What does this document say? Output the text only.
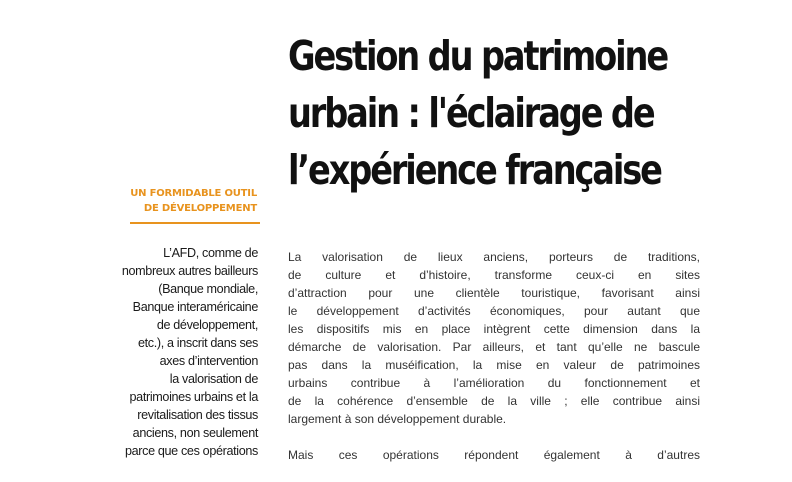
Gestion du patrimoine
urbain : l'éclairage de
l’expérience française
UN FORMIDABLE OUTIL
DE DÉVELOPPEMENT
L’AFD, comme de
nombreux autres bailleurs
(Banque mondiale,
Banque interaméricaine
de développement,
etc.), a inscrit dans ses
axes d’intervention
la valorisation de
patrimoines urbains et la
revitalisation des tissus
anciens, non seulement
parce que ces opérations

La valorisation de lieux anciens, porteurs de traditions,
de culture et d’histoire, transforme ceux-ci en sites
d’attraction pour une clientèle touristique, favorisant ainsi
le développement d’activités économiques, pour autant que
les dispositifs mis en place intègrent cette dimension dans la
démarche de valorisation. Par ailleurs, et tant qu’elle ne bascule
pas dans la muséification, la mise en valeur de patrimoines
urbains contribue à l’amélioration du fonctionnement et
de la cohérence d’ensemble de la ville ; elle contribue ainsi
largement à son développement durable.

Mais ces opérations répondent également à d’autres
